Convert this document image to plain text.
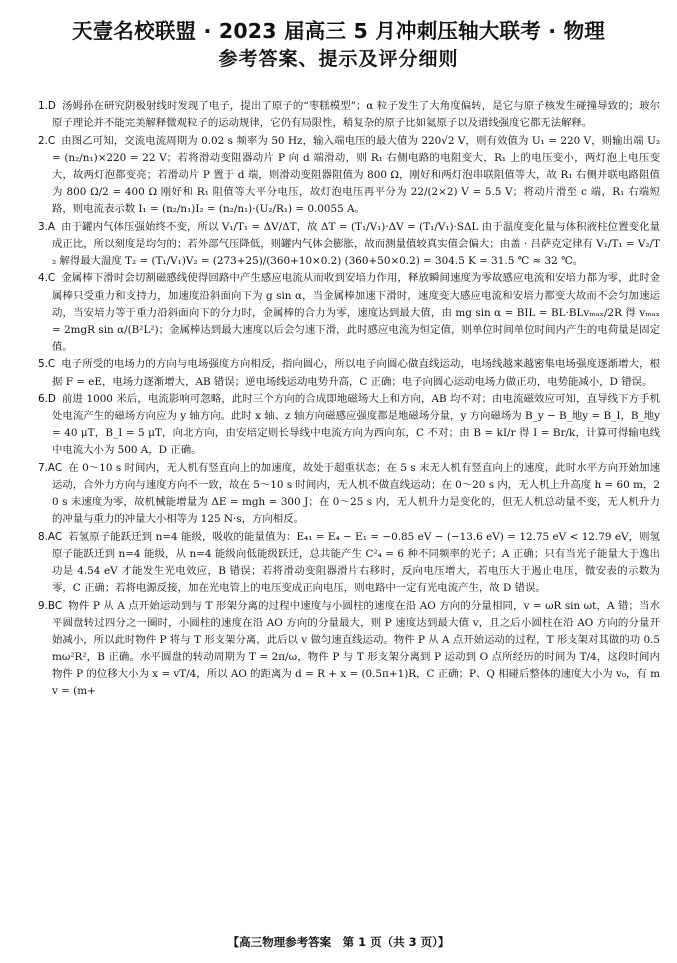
天壹名校联盟 · 2023 届高三 5 月冲刺压轴大联考 · 物理
参考答案、提示及评分细则

1.D 汤姆孙在研究阴极射线时发现了电子，提出了原子的“枣糕模型”；α 粒子发生了大角度偏转，是它与原子核发生碰撞导致的；玻尔原子理论并不能完美解释微观粒子的运动规律，它仍有局限性，稍复杂的原子比如氦原子以及谱线强度它都无法解释。

2.C 由图乙可知，交流电流周期为 0.02 s 频率为 50 Hz，输入端电压的最大值为 220√2 V，则有效值为 U₁ = 220 V，则输出端 U₂ = (n₂/n₁)×220 = 22 V；若将滑动变阻器动片 P 向 d 端滑动，则 R₁ 右侧电路的电阻变大，R₁ 上的电压变小，两灯泡上电压变大，故两灯泡都变亮；若滑动片 P 置于 d 端，则滑动变阻器阻值为 800 Ω，刚好和两灯泡串联阻值等大，故 R₁ 右侧并联电路阻值为 800 Ω/2 = 400 Ω 刚好和 R₁ 阻值等大平分电压，故灯泡电压再平分为 22/(2×2) V = 5.5 V；将动片滑至 c 端，R₁ 右端短路，则电流表示数 I₁ = (n₂/n₁)I₂ = (n₂/n₁)·(U₂/R₁) = 0.0055 A。

3.A 由于罐内气体压强始终不变，所以 V₁/T₁ = ΔV/ΔT，故 ΔT = (T₁/V₁)·ΔV = (T₁/V₁)·SΔL 由于温度变化量与体积液柱位置变化量成正比，所以刻度是均匀的；若外部气压降低，则罐内气体会膨胀，故而测量值较真实值会偏大；由盖 · 吕萨克定律有 V₁/T₁ = V₂/T₂ 解得最大温度 T₂ = (T₁/V₁)V₂ = (273+25)/(360+10×0.2) (360+50×0.2) = 304.5 K = 31.5 ℃ ≈ 32 ℃。

4.C 金属棒下滑时会切割磁感线使得回路中产生感应电流从而收到安培力作用，释放瞬间速度为零故感应电流和安培力都为零，此时金属棒只受重力和支持力，加速度沿斜面向下为 g sin α，当金属棒加速下滑时，速度变大感应电流和安培力都变大故而不会匀加速运动，当安培力等于重力沿斜面向下的分力时，金属棒的合力为零，速度达到最大值，由 mg sin α = BIL = BL·BLvₘₐₓ/2R 得 vₘₐₓ = 2mgR sin α/(B²L²)；金属棒达到最大速度以后会匀速下滑，此时感应电流为恒定值，则单位时间单位时间内产生的电荷量是固定值。

5.C 电子所受的电场力的方向与电场强度方向相反，指向圆心，所以电子向圆心做直线运动，电场线越来越密集电场强度逐渐增大，根据 F = eE，电场力逐渐增大，AB 错误；逆电场线运动电势升高，C 正确；电子向圆心运动电场力做正功，电势能减小，D 错误。

6.D 前进 1000 米后，电流影响可忽略，此时三个方向的合成即地磁场大上和方向，AB 均不对；由电流磁效应可知，直导线下方手机处电流产生的磁场方向应为 y 轴方向。此时 x 轴、z 轴方向磁感应强度都是地磁场分量，y 方向磁场为 B_y − B_地y = B_I，B_地y = 40 μT，B_I = 5 μT，向北方向，由安培定则长导线中电流方向为西向东，C 不对；由 B = kI/r 得 I = Br/k，计算可得输电线中电流大小为 500 A，D 正确。

7.AC 在 0～10 s 时间内，无人机有竖直向上的加速度，故处于超重状态；在 5 s 末无人机有竖直向上的速度，此时水平方向开始加速运动，合外力方向与速度方向不一致，故在 5～10 s 时间内，无人机不做直线运动；在 0～20 s 内，无人机上升高度 h = 60 m，20 s 末速度为零，故机械能增量为 ΔE = mgh = 300 J；在 0～25 s 内，无人机升力是变化的，但无人机总动量不变，无人机升力的冲量与重力的冲量大小相等为 125 N·s，方向相反。

8.AC 若氢原子能跃迁到 n=4 能级，吸收的能量值为：E₄₁ = E₄ − E₁ = −0.85 eV − (−13.6 eV) = 12.75 eV < 12.79 eV，则氢原子能跃迁到 n=4 能级，从 n=4 能级向低能级跃迁，总共能产生 C²₄ = 6 种不同频率的光子；A 正确；只有当光子能量大于逸出功是 4.54 eV 才能发生光电效应，B 错误；若将滑动变阻器滑片右移时，反向电压增大，若电压大于遏止电压，微安表的示数为零，C 正确；若将电源反接，加在光电管上的电压变成正向电压，则电路中一定有光电流产生，故 D 错误。

9.BC 物件 P 从 A 点开始运动到与 T 形架分离的过程中速度与小圆柱的速度在沿 AO 方向的分量相同，v = ωR sin ωt，A 错；当水平圆盘转过四分之一圈时，小圆柱的速度在沿 AO 方向的分量最大，则 P 速度达到最大值 v，且之后小圆柱在沿 AO 方向的分量开始减小，所以此时物件 P 将与 T 形支架分离，此后以 v 做匀速直线运动。物件 P 从 A 点开始运动的过程，T 形支架对其做的功 0.5mω²R²，B 正确。水平圆盘的转动周期为 T = 2π/ω，物件 P 与 T 形支架分离到 P 运动到 O 点所经历的时间为 T/4，这段时间内物件 P 的位移大小为 x = vT/4，所以 AO 的距离为 d = R + x = (0.5π+1)R，C 正确；P、Q 相碰后整体的速度大小为 v₀，有 mv = (m+

【高三物理参考答案　第 1 页（共 3 页）】
